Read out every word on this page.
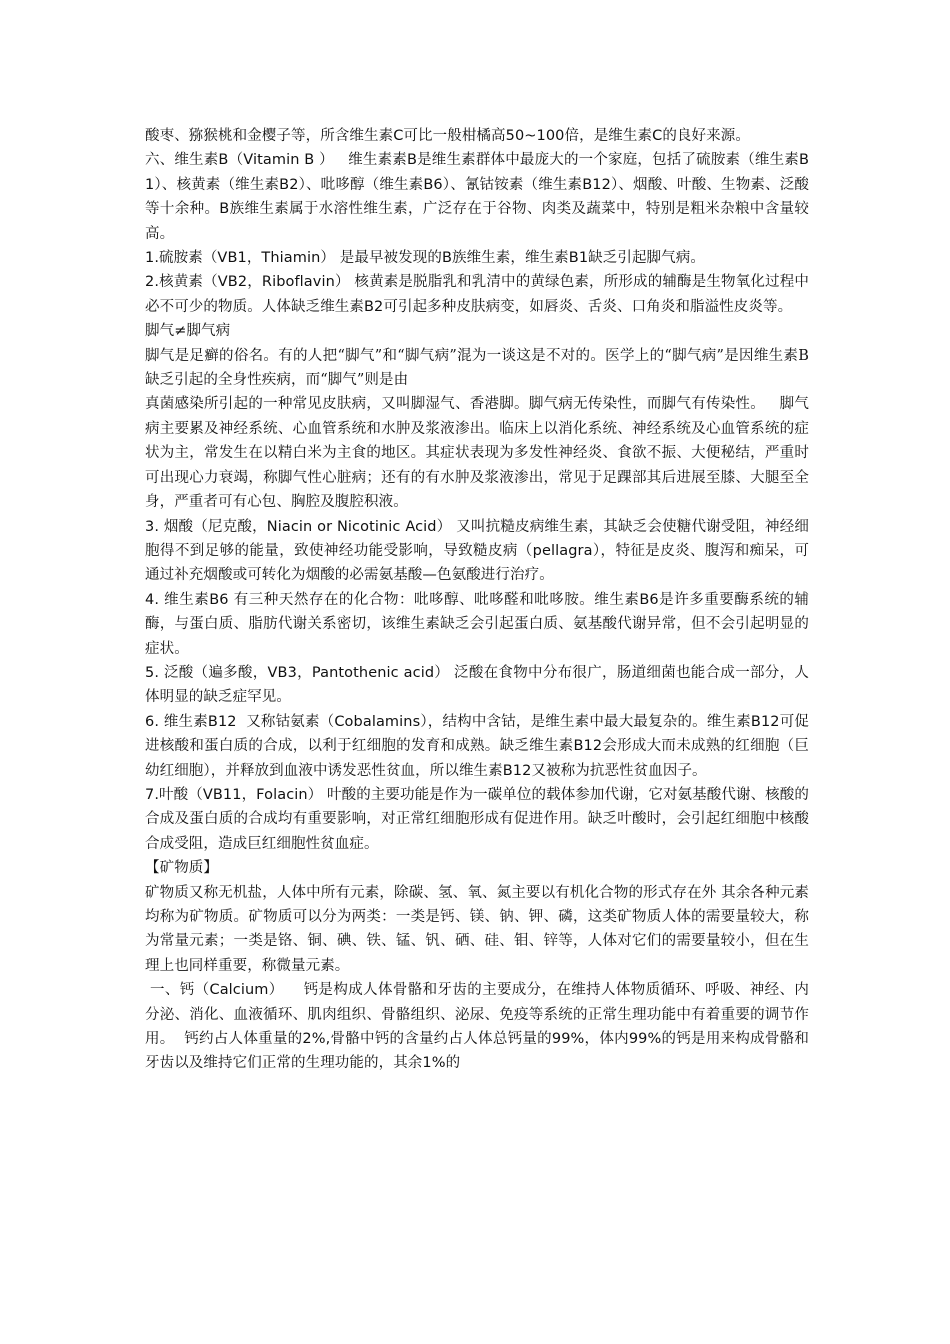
酸枣、猕猴桃和金樱子等，所含维生素C可比一般柑橘高50~100倍，是维生素C的良好来源。

六、维生素B（Vitamin B ）   维生素素B是维生素群体中最庞大的一个家庭，包括了硫胺素（维生素B1）、核黄素（维生素B2）、吡哆醇（维生素B6）、氰钴铵素（维生素B12）、烟酸、叶酸、生物素、泛酸等十余种。B族维生素属于水溶性维生素，广泛存在于谷物、肉类及蔬菜中，特别是粗米杂粮中含量较高。

1.硫胺素（VB1，Thiamin） 是最早被发现的B族维生素，维生素B1缺乏引起脚气病。

2.核黄素（VB2，Riboflavin） 核黄素是脱脂乳和乳清中的黄绿色素，所形成的辅酶是生物氧化过程中必不可少的物质。人体缺乏维生素B2可引起多种皮肤病变，如唇炎、舌炎、口角炎和脂溢性皮炎等。

脚气≠脚气病

脚气是足癣的俗名。有的人把“脚气”和“脚气病”混为一谈这是不对的。医学上的“脚气病”是因维生素B缺乏引起的全身性疾病，而“脚气”则是由

真菌感染所引起的一种常见皮肤病，又叫脚湿气、香港脚。脚气病无传染性，而脚气有传染性。   脚气病主要累及神经系统、心血管系统和水肿及浆液渗出。临床上以消化系统、神经系统及心血管系统的症状为主，常发生在以精白米为主食的地区。其症状表现为多发性神经炎、食欲不振、大便秘结，严重时可出现心力衰竭，称脚气性心脏病；还有的有水肿及浆液渗出，常见于足踝部其后进展至膝、大腿至全身，严重者可有心包、胸腔及腹腔积液。

3. 烟酸（尼克酸，Niacin or Nicotinic Acid） 又叫抗糙皮病维生素，其缺乏会使糖代谢受阻，神经细胞得不到足够的能量，致使神经功能受影响，导致糙皮病（pellagra），特征是皮炎、腹泻和痴呆，可通过补充烟酸或可转化为烟酸的必需氨基酸—色氨酸进行治疗。

4. 维生素B6 有三种天然存在的化合物：吡哆醇、吡哆醛和吡哆胺。维生素B6是许多重要酶系统的辅酶，与蛋白质、脂肪代谢关系密切，该维生素缺乏会引起蛋白质、氨基酸代谢异常，但不会引起明显的症状。

5. 泛酸（遍多酸，VB3，Pantothenic acid） 泛酸在食物中分布很广，肠道细菌也能合成一部分，人体明显的缺乏症罕见。

6. 维生素B12  又称钴氨素（Cobalamins），结构中含钴，是维生素中最大最复杂的。维生素B12可促进核酸和蛋白质的合成，以利于红细胞的发育和成熟。缺乏维生素B12会形成大而未成熟的红细胞（巨幼红细胞），并释放到血液中诱发恶性贫血，所以维生素B12又被称为抗恶性贫血因子。

7.叶酸（VB11，Folacin） 叶酸的主要功能是作为一碳单位的载体参加代谢，它对氨基酸代谢、核酸的合成及蛋白质的合成均有重要影响，对正常红细胞形成有促进作用。缺乏叶酸时，会引起红细胞中核酸合成受阻，造成巨红细胞性贫血症。

【矿物质】

矿物质又称无机盐，人体中所有元素，除碳、氢、氧、氮主要以有机化合物的形式存在外 其余各种元素均称为矿物质。矿物质可以分为两类：一类是钙、镁、钠、钾、磷，这类矿物质人体的需要量较大，称为常量元素；一类是铬、铜、碘、铁、锰、钒、硒、硅、钼、锌等，人体对它们的需要量较小，但在生理上也同样重要，称微量元素。

一、钙（Calcium）    钙是构成人体骨骼和牙齿的主要成分，在维持人体物质循环、呼吸、神经、内分泌、消化、血液循环、肌肉组织、骨骼组织、泌尿、免疫等系统的正常生理功能中有着重要的调节作用。  钙约占人体重量的2%,骨骼中钙的含量约占人体总钙量的99%，体内99%的钙是用来构成骨骼和牙齿以及维持它们正常的生理功能的，其余1%的
